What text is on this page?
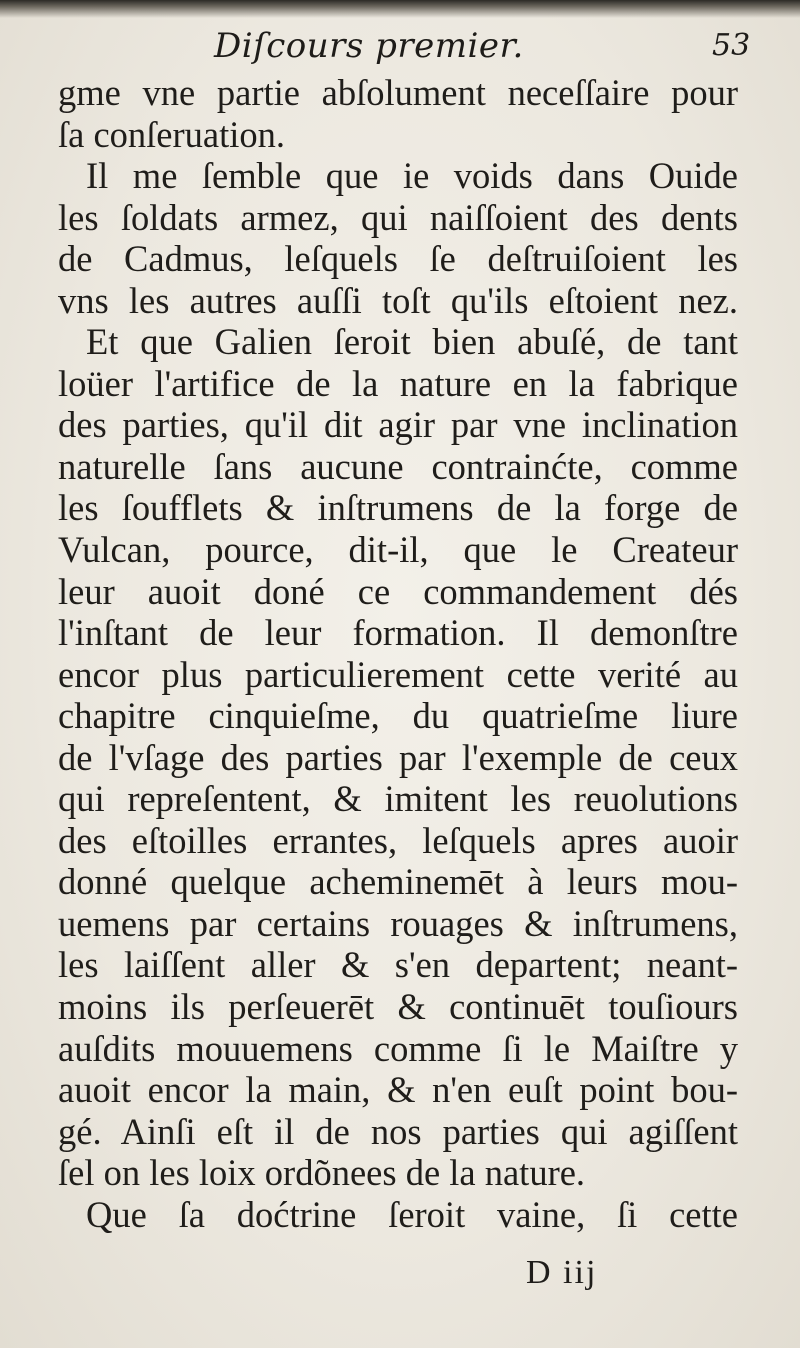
Diſcours premier.	53
gme vne partie abſolument neceſſaire pour
ſa conſeruation.
Il me ſemble que ie voids dans Ouide
les ſoldats armez, qui naiſſoient des dents
de Cadmus, leſquels ſe deſtruiſoient les
vns les autres auſſi toſt qu'ils eſtoient nez.
Et que Galien ſeroit bien abuſé, de tant
loüer l'artifice de la nature en la fabrique
des parties, qu'il dit agir par vne inclination
naturelle ſans aucune contrainćte, comme
les ſoufflets & inſtrumens de la forge de
Vulcan, pource, dit-il, que le Createur
leur auoit doné ce commandement dés
l'inſtant de leur formation. Il demonſtre
encor plus particulierement cette verité au
chapitre cinquieſme, du quatrieſme liure
de l'vſage des parties par l'exemple de ceux
qui repreſentent, & imitent les reuolutions
des eſtoilles errantes, leſquels apres auoir
donné quelque acheminemēt à leurs mou-
uemens par certains rouages & inſtrumens,
les laiſſent aller & s'en departent; neant-
moins ils perſeuerēt & continuēt touſiours
auſdits mouuemens comme ſi le Maiſtre y
auoit encor la main, & n'en euſt point bou-
gé. Ainſi eſt il de nos parties qui agiſſent
ſel on les loix ordõnees de la nature.
Que ſa doćtrine ſeroit vaine, ſi cette
D iij
